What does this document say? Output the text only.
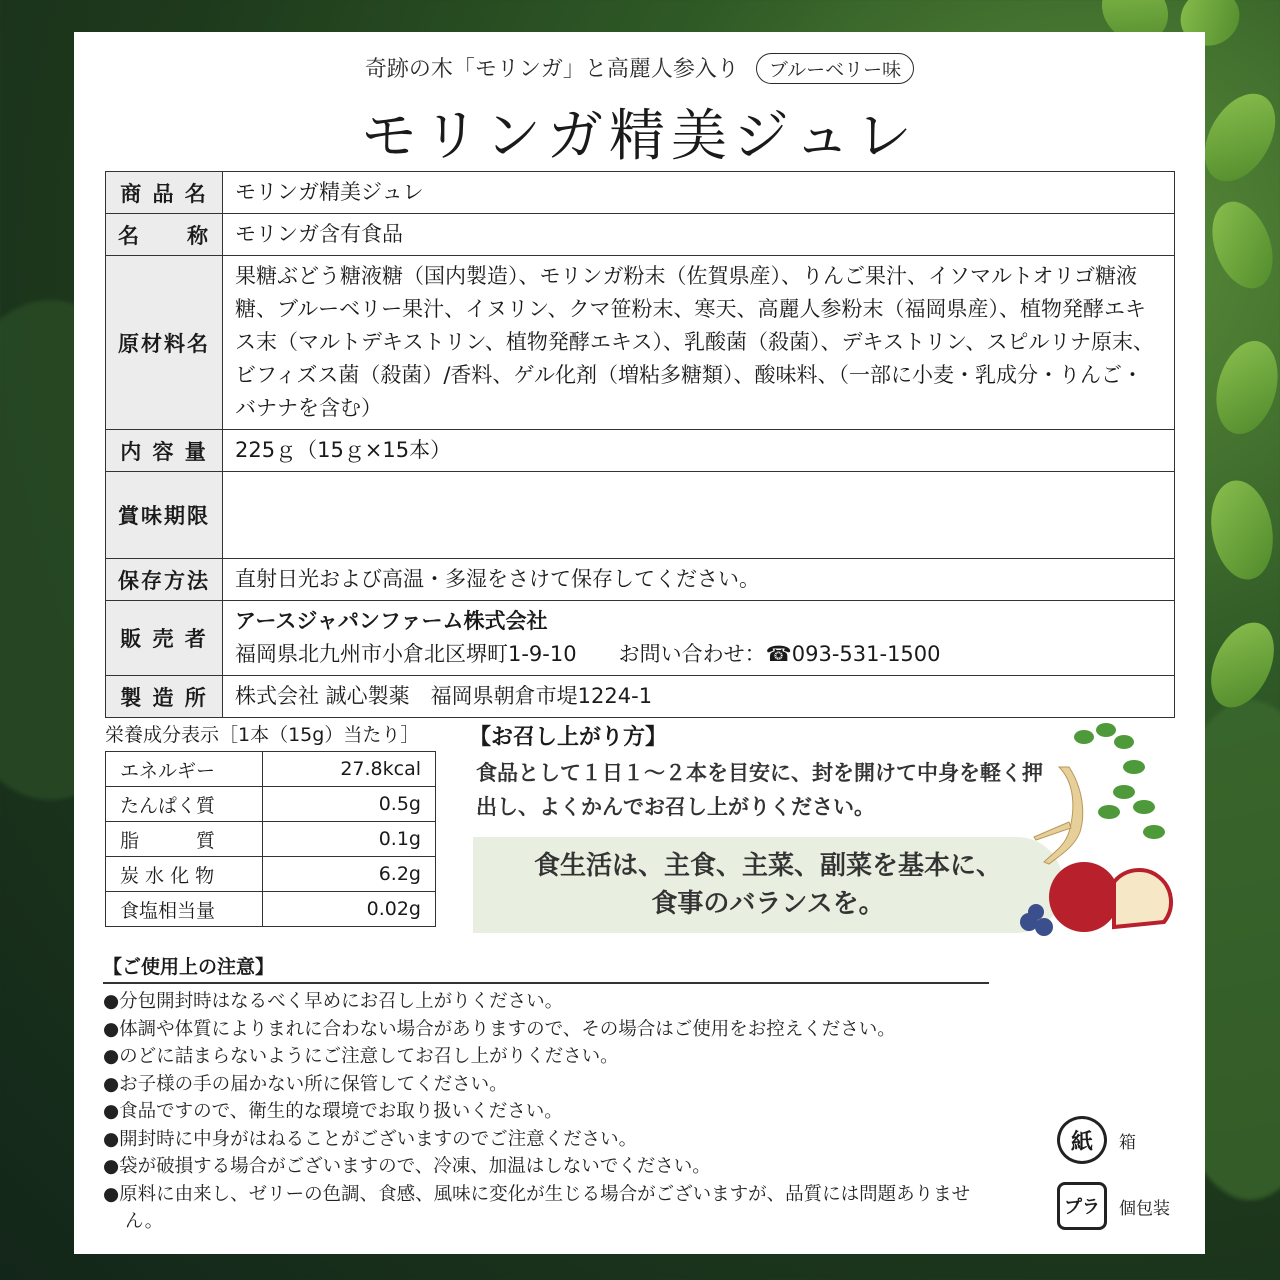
奇跡の木「モリンガ」と高麗人参入り ブルーベリー味
モリンガ精美ジュレ
商 品 名	モリンガ精美ジュレ
名　　称	モリンガ含有食品
原材料名	果糖ぶどう糖液糖（国内製造）、モリンガ粉末（佐賀県産）、りんご果汁、イソマルトオリゴ糖液糖、ブルーベリー果汁、イヌリン、クマ笹粉末、寒天、高麗人参粉末（福岡県産）、植物発酵エキス末（マルトデキストリン、植物発酵エキス）、乳酸菌（殺菌）、デキストリン、スピルリナ原末、ビフィズス菌（殺菌）/香料、ゲル化剤（増粘多糖類）、酸味料、（一部に小麦・乳成分・りんご・バナナを含む）
内 容 量	225ｇ（15ｇ×15本）
賞味期限	
保存方法	直射日光および高温・多湿をさけて保存してください。
販 売 者	アースジャパンファーム株式会社
福岡県北九州市小倉北区堺町1-9-10　　お問い合わせ：☎093-531-1500

製 造 所	株式会社 誠心製薬　福岡県朝倉市堤1224-1
栄養成分表示［1本（15g）当たり］
エネルギー	27.8kcal
たんぱく質	0.5g
脂　　　質	0.1g
炭 水 化 物	6.2g
食塩相当量	0.02g
【お召し上がり方】
食品として１日１～２本を目安に、封を開けて中身を軽く押出し、よくかんでお召し上がりください。
食生活は、主食、主菜、副菜を基本に、
食事のバランスを。
【ご使用上の注意】
●分包開封時はなるべく早めにお召し上がりください。
●体調や体質によりまれに合わない場合がありますので、その場合はご使用をお控えください。
●のどに詰まらないようにご注意してお召し上がりください。
●お子様の手の届かない所に保管してください。
●食品ですので、衛生的な環境でお取り扱いください。
●開封時に中身がはねることがございますのでご注意ください。
●袋が破損する場合がございますので、冷凍、加温はしないでください。
●原料に由来し、ゼリーの色調、食感、風味に変化が生じる場合がございますが、品質には問題ありません。
紙	箱
プラ	個包装
